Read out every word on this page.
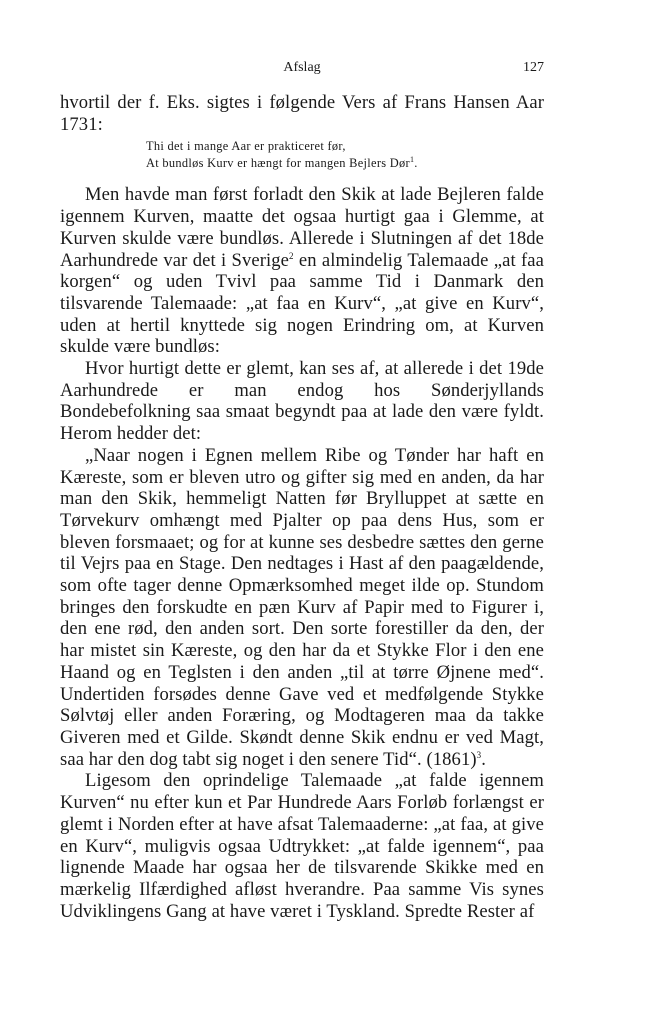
Afslag	127

hvortil der f. Eks. sigtes i følgende Vers af Frans Hansen Aar 1731:

Thi det i mange Aar er prakticeret før,
At bundløs Kurv er hængt for mangen Bejlers Dør$^1$.

Men havde man først forladt den Skik at lade Bejleren falde igennem Kurven, maatte det ogsaa hurtigt gaa i Glemme, at Kurven skulde være bundløs. Allerede i Slutningen af det 18de Aarhundrede var det i Sverige$^2$ en almindelig Talemaade „at faa korgen“ og uden Tvivl paa samme Tid i Danmark den tilsvarende Talemaade: „at faa en Kurv“, „at give en Kurv“, uden at hertil knyttede sig nogen Erindring om, at Kurven skulde være bundløs:

Hvor hurtigt dette er glemt, kan ses af, at allerede i det 19de Aarhundrede er man endog hos Sønderjyllands Bondebefolkning saa smaat begyndt paa at lade den være fyldt. Herom hedder det:

„Naar nogen i Egnen mellem Ribe og Tønder har haft en Kæreste, som er bleven utro og gifter sig med en anden, da har man den Skik, hemmeligt Natten før Brylluppet at sætte en Tørvekurv omhængt med Pjalter op paa dens Hus, som er bleven forsmaaet; og for at kunne ses desbedre sættes den gerne til Vejrs paa en Stage. Den nedtages i Hast af den paagældende, som ofte tager denne Opmærksomhed meget ilde op. Stundom bringes den forskudte en pæn Kurv af Papir med to Figurer i, den ene rød, den anden sort. Den sorte forestiller da den, der har mistet sin Kæreste, og den har da et Stykke Flor i den ene Haand og en Teglsten i den anden „til at tørre Øjnene med“. Undertiden forsødes denne Gave ved et medfølgende Stykke Sølvtøj eller anden Foræring, og Modtageren maa da takke Giveren med et Gilde. Skøndt denne Skik endnu er ved Magt, saa har den dog tabt sig noget i den senere Tid“. $(1861)^3$.

Ligesom den oprindelige Talemaade „at falde igennem Kurven“ nu efter kun et Par Hundrede Aars Forløb forlængst er glemt i Norden efter at have afsat Talemaaderne: „at faa, at give en Kurv“, muligvis ogsaa Udtrykket: „at falde igennem“, paa lignende Maade har ogsaa her de tilsvarende Skikke med en mærkelig Ilfærdighed afløst hverandre. Paa samme Vis synes Udviklingens Gang at have været i Tyskland. Spredte Rester af
